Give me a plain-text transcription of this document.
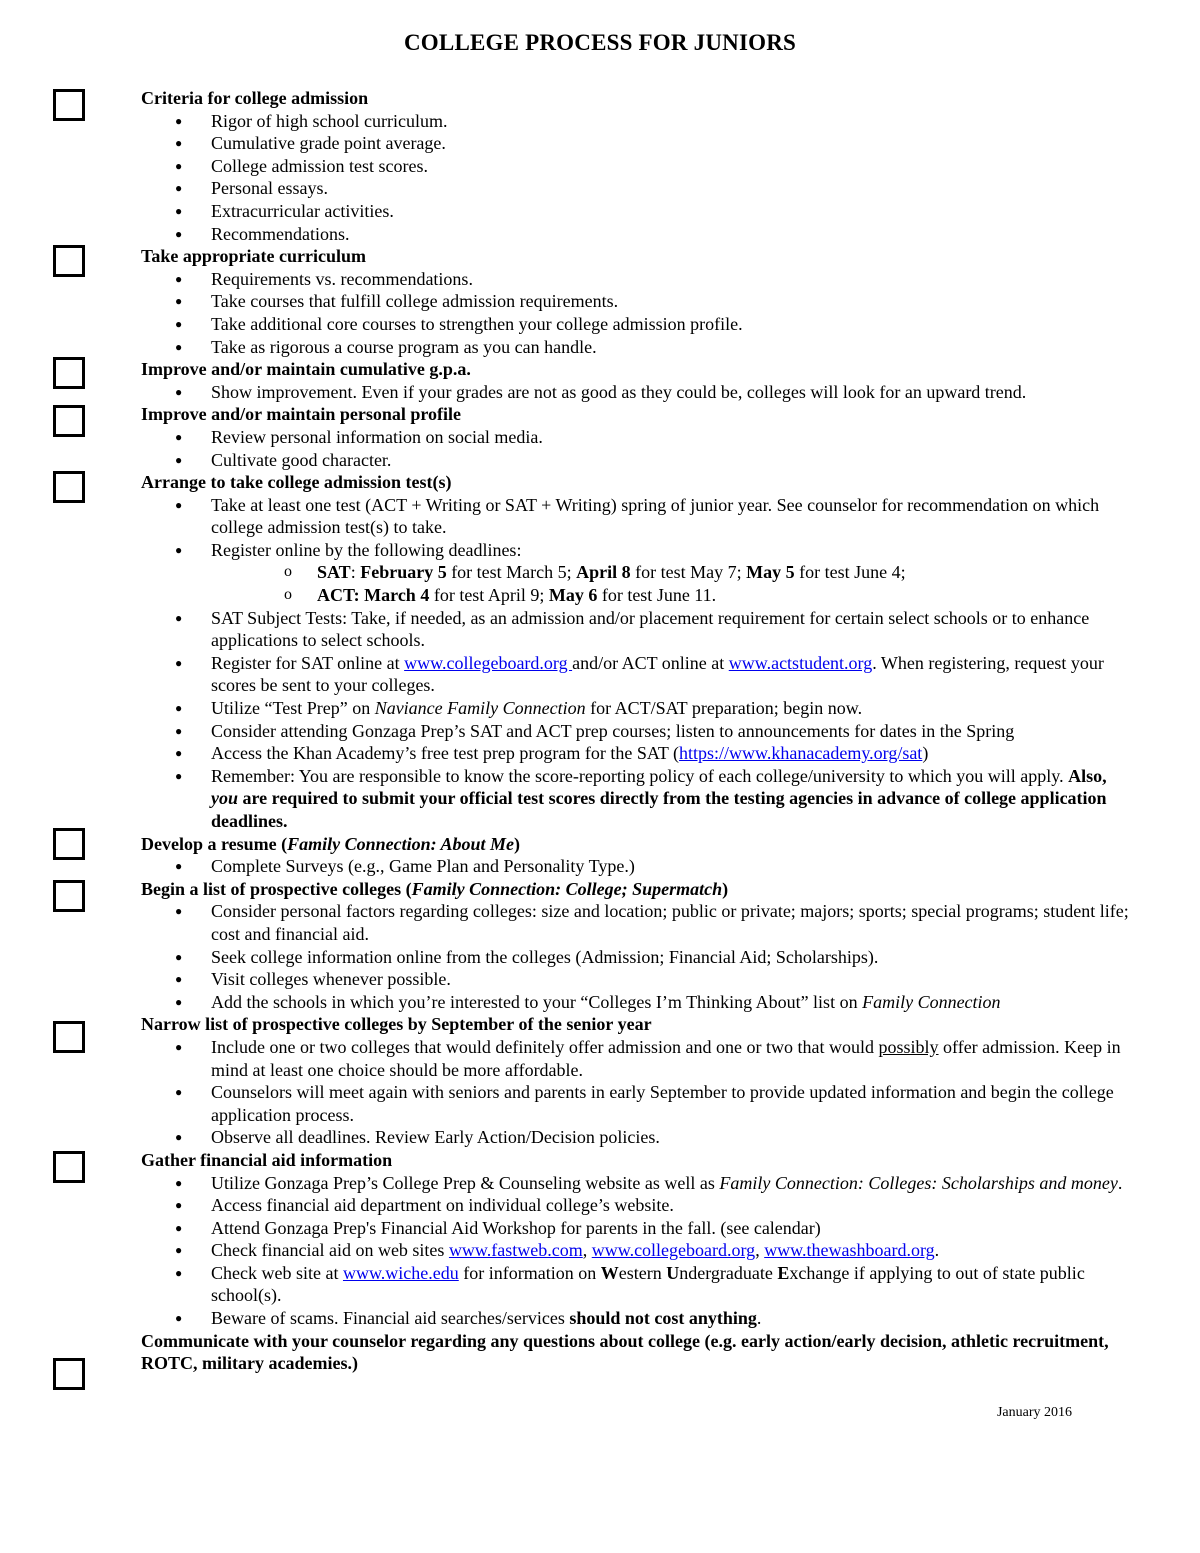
COLLEGE PROCESS FOR JUNIORS
Criteria for college admission
● Rigor of high school curriculum.
● Cumulative grade point average.
● College admission test scores.
● Personal essays.
● Extracurricular activities.
● Recommendations.
Take appropriate curriculum
● Requirements vs. recommendations.
● Take courses that fulfill college admission requirements.
● Take additional core courses to strengthen your college admission profile.
● Take as rigorous a course program as you can handle.
Improve and/or maintain cumulative g.p.a.
● Show improvement. Even if your grades are not as good as they could be, colleges will look for an upward trend.
Improve and/or maintain personal profile
● Review personal information on social media.
● Cultivate good character.
Arrange to take college admission test(s)
● Take at least one test (ACT + Writing or SAT + Writing) spring of junior year. See counselor for recommendation on which college admission test(s) to take.
● Register online by the following deadlines:
o SAT: February 5 for test March 5; April 8 for test May 7; May 5 for test June 4;
o ACT: March 4 for test April 9; May 6 for test June 11.
● SAT Subject Tests: Take, if needed, as an admission and/or placement requirement for certain select schools or to enhance applications to select schools.
● Register for SAT online at www.collegeboard.org and/or ACT online at www.actstudent.org. When registering, request your scores be sent to your colleges.
● Utilize “Test Prep” on Naviance Family Connection for ACT/SAT preparation; begin now.
● Consider attending Gonzaga Prep’s SAT and ACT prep courses; listen to announcements for dates in the Spring
● Access the Khan Academy’s free test prep program for the SAT (https://www.khanacademy.org/sat)
● Remember: You are responsible to know the score-reporting policy of each college/university to which you will apply. Also, you are required to submit your official test scores directly from the testing agencies in advance of college application deadlines.
Develop a resume (Family Connection: About Me)
● Complete Surveys (e.g., Game Plan and Personality Type.)
Begin a list of prospective colleges (Family Connection: College; Supermatch)
● Consider personal factors regarding colleges: size and location; public or private; majors; sports; special programs; student life; cost and financial aid.
● Seek college information online from the colleges (Admission; Financial Aid; Scholarships).
● Visit colleges whenever possible.
● Add the schools in which you’re interested to your “Colleges I’m Thinking About” list on Family Connection
Narrow list of prospective colleges by September of the senior year
● Include one or two colleges that would definitely offer admission and one or two that would possibly offer admission. Keep in mind at least one choice should be more affordable.
● Counselors will meet again with seniors and parents in early September to provide updated information and begin the college application process.
● Observe all deadlines. Review Early Action/Decision policies.
Gather financial aid information
● Utilize Gonzaga Prep’s College Prep & Counseling website as well as Family Connection: Colleges: Scholarships and money.
● Access financial aid department on individual college’s website.
● Attend Gonzaga Prep's Financial Aid Workshop for parents in the fall. (see calendar)
● Check financial aid on web sites www.fastweb.com, www.collegeboard.org, www.thewashboard.org.
● Check web site at www.wiche.edu for information on Western Undergraduate Exchange if applying to out of state public school(s).
● Beware of scams. Financial aid searches/services should not cost anything.
Communicate with your counselor regarding any questions about college (e.g. early action/early decision, athletic recruitment, ROTC, military academies.)
January 2016
